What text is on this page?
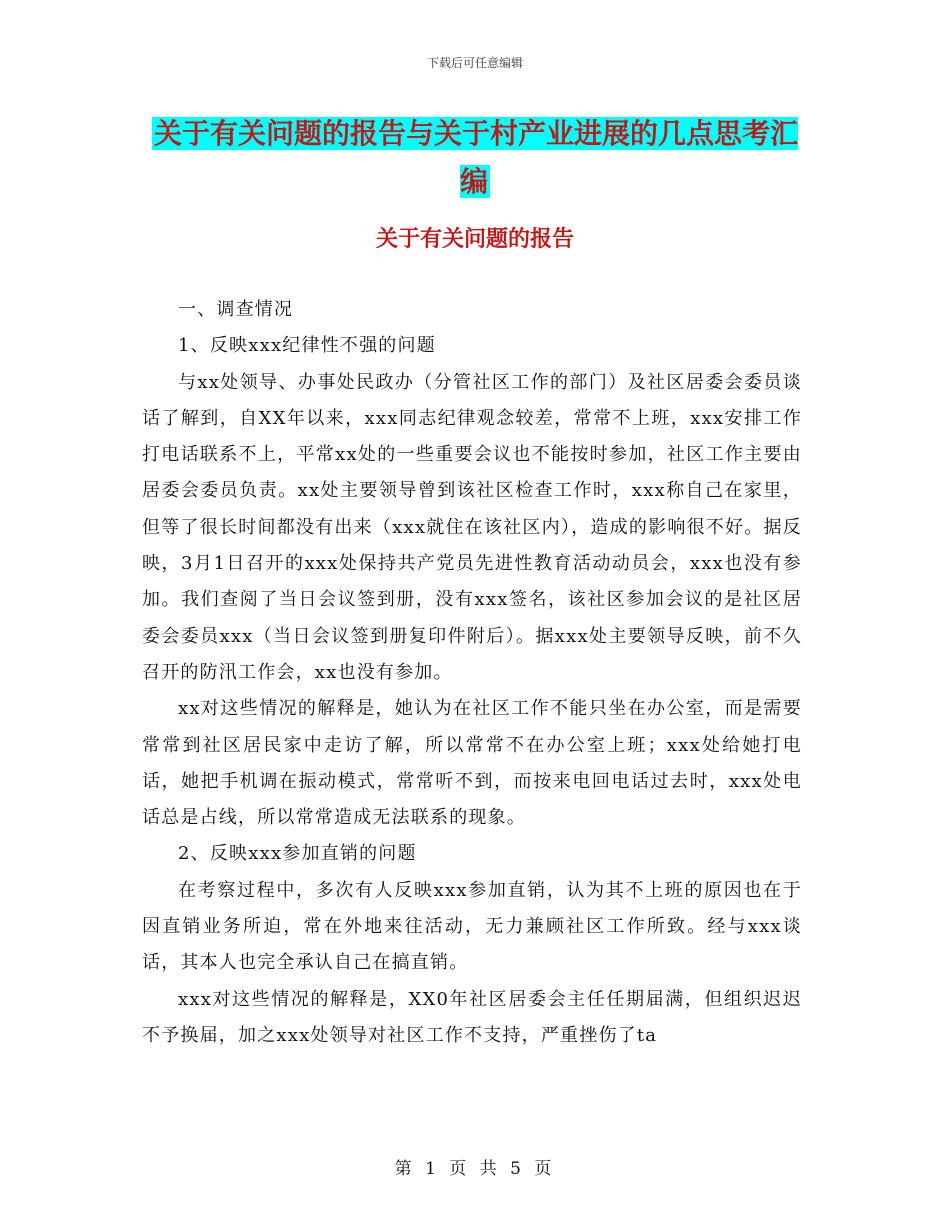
下载后可任意编辑
关于有关问题的报告与关于村产业进展的几点思考汇编
关于有关问题的报告

一、调查情况

1、反映xxx纪律性不强的问题

与xx处领导、办事处民政办（分管社区工作的部门）及社区居委会委员谈话了解到，自XX年以来，xxx同志纪律观念较差，常常不上班，xxx安排工作打电话联系不上，平常xx处的一些重要会议也不能按时参加，社区工作主要由居委会委员负责。xx处主要领导曾到该社区检查工作时，xxx称自己在家里，但等了很长时间都没有出来（xxx就住在该社区内），造成的影响很不好。据反映，3月1日召开的xxx处保持共产党员先进性教育活动动员会，xxx也没有参加。我们查阅了当日会议签到册，没有xxx签名，该社区参加会议的是社区居委会委员xxx（当日会议签到册复印件附后）。据xxx处主要领导反映，前不久召开的防汛工作会，xx也没有参加。

xx对这些情况的解释是，她认为在社区工作不能只坐在办公室，而是需要常常到社区居民家中走访了解，所以常常不在办公室上班；xxx处给她打电话，她把手机调在振动模式，常常听不到，而按来电回电话过去时，xxx处电话总是占线，所以常常造成无法联系的现象。

2、反映xxx参加直销的问题

在考察过程中，多次有人反映xxx参加直销，认为其不上班的原因也在于因直销业务所迫，常在外地来往活动，无力兼顾社区工作所致。经与xxx谈话，其本人也完全承认自己在搞直销。

xxx对这些情况的解释是，XX0年社区居委会主任任期届满，但组织迟迟不予换届，加之xxx处领导对社区工作不支持，严重挫伤了ta

第 1 页 共 5 页
